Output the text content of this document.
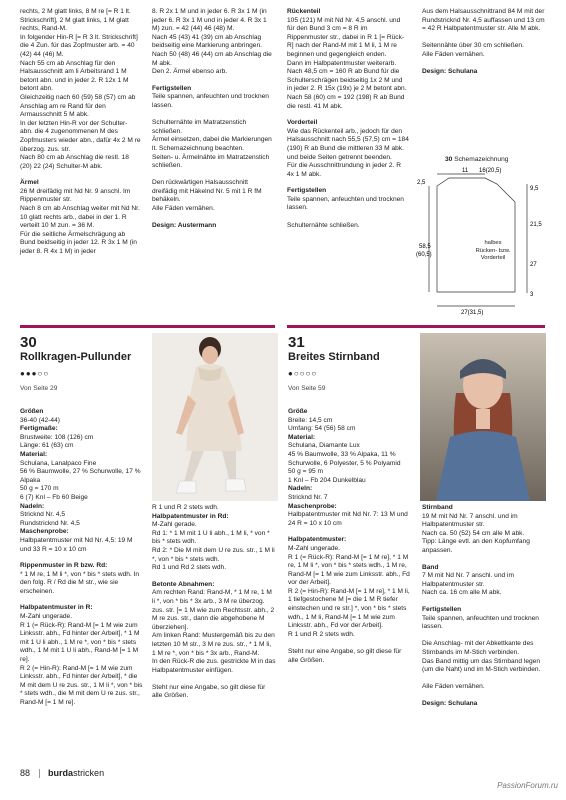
rechts, 2 M glatt links, 8 M re [= R 1 lt. Strickschrift], 2 M glatt links, 1 M glatt rechts, Rand-M.
In folgender Hin-R [= R 3 lt. Strickschrift] die 4 Zun. für das Zopfmuster arb. = 40 (42) 44 (46) M.
Nach 55 cm ab Anschlag für den Halsausschnitt am li Arbeitsrand 1 M betont abn. und in jeder 2. R 12x 1 M betont abn.
Gleichzeitig nach 60 (59) 58 (57) cm ab Anschlag am re Rand für den Armausschnitt 5 M abk.
In der letzten Hin-R vor der Schulter- abn. die 4 zugenommenen M des Zopfmusters wieder abn., dafür 4x 2 M re überzog. zus. str.
Nach 80 cm ab Anschlag die restl. 18 (20) 22 (24) Schulter-M abk.

Ärmel

26 M dreifädig mit Nd Nr. 9 anschl. Im Rippenmuster str.
Nach 8 cm ab Anschlag weiter mit Nd Nr. 10 glatt rechts arb., dabei in der 1. R verteilt 10 M zun. = 36 M.
Für die seitliche Ärmelschrägung ab Bund beidseitig in jeder 12. R 3x 1 M (in jeder 8. R 4x 1 M) in jeder

8. R 2x 1 M und in jeder 6. R 3x 1 M (in jeder 6. R 3x 1 M und in jeder 4. R 3x 1 M) zun. = 42 (44) 46 (48) M.
Nach 45 (43) 41 (39) cm ab Anschlag beidseitig eine Markierung anbringen.
Nach 50 (48) 46 (44) cm ab Anschlag die M abk.
Den 2. Ärmel ebenso arb.

Fertigstellen

Teile spannen, anfeuchten und trocknen lassen.

Schulternähte im Matratzenstich schließen.
Ärmel einsetzen, dabei die Markierungen lt. Schemazeichnung beachten.
Seiten- u. Ärmelnähte im Matratzenstich schließen.

Den rückwärtigen Halsausschnitt dreifädig mit Häkelnd Nr. 5 mit 1 R fM behäkeln.
Alle Fäden vernähen.

Design: Austermann

Rückenteil

105 (121) M mit Nd Nr. 4,5 anschl. und für den Bund 3 cm = 8 R im Rippenmuster str., dabei in R 1 [= Rück-R] nach der Rand-M mit 1 M li, 1 M re beginnen und gegengleich enden.
Dann im Halbpatentmuster weiterarb.
Nach 48,5 cm = 160 R ab Bund für die Schulterschrägen beidseitig 1x 2 M und in jeder 2. R 15x (19x) je 2 M betont abn.
Nach 58 (60) cm = 192 (198) R ab Bund die restl. 41 M abk.

Vorderteil

Wie das Rückenteil arb., jedoch für den Halsausschnitt nach 55,5 (57,5) cm = 184 (190) R ab Bund die mittleren 33 M abk. und beide Seiten getrennt beenden.
Für die Ausschnittrundung in jeder 2. R 4x 1 M abk.

Fertigstellen

Teile spannen, anfeuchten und trocknen lassen.

Schulternähte schließen.

Aus dem Halsausschnittrand 84 M mit der Rundstricknd Nr. 4,5 auffassen und 13 cm = 42 R Halbpatentmuster str. Alle M abk.

Seitennähte über 30 cm schließen.
Alle Fäden vernähen.

Design: Schulana

30 Schemazeichnung
11 16(20,5)
2,5
9,5
21,5
58,5
(60,5)
27
3
27(31,5)

halbes
Rücken- bzw.
Vorderteil

30
Rollkragen-Pullunder
●●●○○

Von Seite 29

Größen

36-40 (42-44)

Fertigmaße:

Brustweite: 108 (126) cm
Länge: 61 (63) cm

Material:

Schulana, Lanalpaco Fine
56 % Baumwolle, 27 % Schurwolle, 17 % Alpaka
50 g = 170 m
6 (7) Knl – Fb 60 Beige

Nadeln:

Stricknd Nr. 4,5
Rundstricknd Nr. 4,5

Maschenprobe:

Halbpatentmuster mit Nd Nr. 4,5: 19 M und 33 R = 10 x 10 cm

Rippenmuster in R bzw. Rd:

* 1 M re, 1 M li *, von * bis * stets wdh. In den folg. R / Rd die M str., wie sie erscheinen.

Halbpatentmuster in R:

M-Zahl ungerade.
R 1 (= Rück-R): Rand-M [= 1 M wie zum Linksstr. abh., Fd hinter der Arbeit], * 1 M mit 1 U li abh., 1 M re *, von * bis * stets wdh., 1 M mit 1 U li abh., Rand-M [= 1 M re].
R 2 (= Hin-R): Rand-M [= 1 M wie zum Linksstr. abh., Fd hinter der Arbeit], * die M mit dem U re zus. str., 1 M li *, von * bis * stets wdh., die M mit dem U re zus. str., Rand-M [= 1 M re].

R 1 und R 2 stets wdh.

Halbpatentmuster in Rd:

M-Zahl gerade.
Rd 1: * 1 M mit 1 U li abh., 1 M li, * von * bis * stets wdh.
Rd 2: * Die M mit dem U re zus. str., 1 M li *, von * bis * stets wdh.
Rd 1 und Rd 2 stets wdh.

Betonte Abnahmen:

Am rechten Rand: Rand-M, * 1 M re, 1 M li *, von * bis * 3x arb., 3 M re überzog. zus. str. [= 1 M wie zum Rechtsstr. abh., 2 M re zus. str., dann die abgehobene M überziehen].
Am linken Rand: Mustergemäß bis zu den letzten 10 M str., 3 M re zus. str., * 1 M li, 1 M re *, von * bis * 3x arb., Rand-M.
In den Rück-R die zus. gestrickte M in das Halbpatentmuster einfügen.

Steht nur eine Angabe, so gilt diese für alle Größen.

31
Breites Stirnband
●○○○○

Von Seite 59

Größe

Breite: 14,5 cm
Umfang: 54 (56) 58 cm

Material:

Schulana, Diamante Lux
45 % Baumwolle, 33 % Alpaka, 11 % Schurwolle, 6 Polyester, 5 % Polyamid
50 g = 95 m
1 Knl – Fb 204 Dunkelblau

Nadeln:

Stricknd Nr. 7

Maschenprobe:

Halbpatentmuster mit Nd Nr. 7: 13 M und 24 R = 10 x 10 cm

Halbpatentmuster:

M-Zahl ungerade.
R 1 (= Rück-R): Rand-M [= 1 M re], * 1 M re, 1 M li *, von * bis * stets wdh., 1 M re, Rand-M [= 1 M wie zum Linksstr. abh., Fd vor der Arbeit].
R 2 (= Hin-R): Rand-M [= 1 M re], * 1 M li, 1 tiefgestochene M [= die 1 M R tiefer einstechen und re str.] *, von * bis * stets wdh., 1 M li, Rand-M [= 1 M wie zum Linksstr. abh., Fd vor der Arbeit].
R 1 und R 2 stets wdh.

Steht nur eine Angabe, so gilt diese für alle Größen.

Stirnband

19 M mit Nd Nr. 7 anschl. und im Halbpatentmuster str.
Nach ca. 50 (52) 54 cm alle M abk.
Tipp: Länge evtl. an den Kopfumfang anpassen.

Band

7 M mit Nd Nr. 7 anschl. und im Halbpatentmuster str.
Nach ca. 16 cm alle M abk.

Fertigstellen

Teile spannen, anfeuchten und trocknen lassen.

Die Anschlag- mit der Abkettkante des Stirnbands im M-Stich verbinden.
Das Band mittig um das Stirnband legen (um die Naht) und im M-Stich verbinden.

Alle Fäden vernähen.

Design: Schulana

88 burdastricken
PassionForum.ru
